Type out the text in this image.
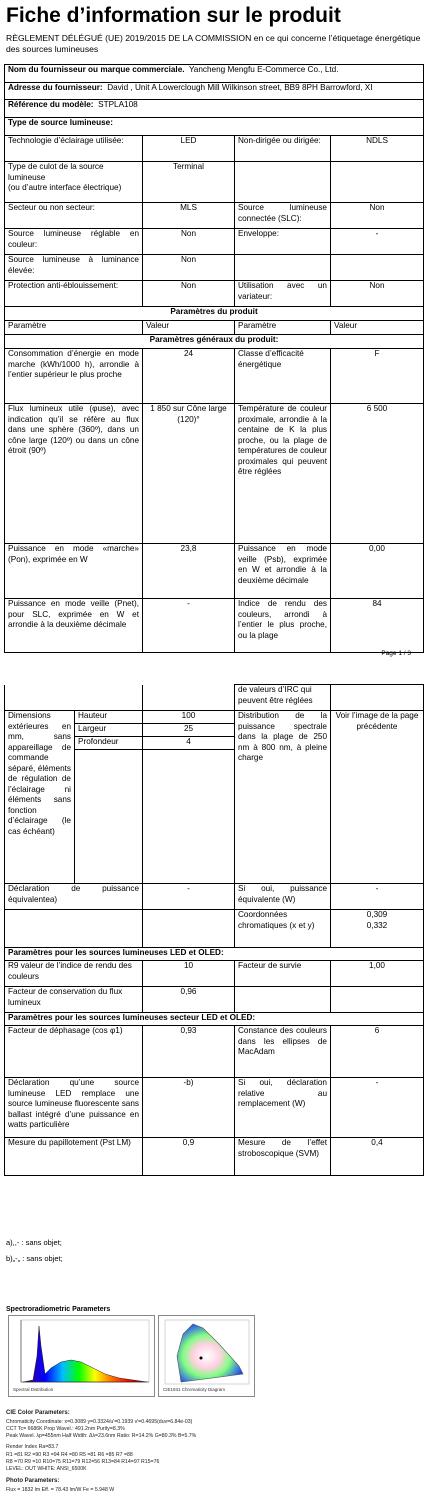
Fiche d’information sur le produit
RÈGLEMENT DÉLÉGUÉ (UE) 2019/2015 DE LA COMMISSION en ce qui concerne l’étiquetage énergétique des sources lumineuses
Nom du fournisseur ou marque commerciale. Yancheng Mengfu E-Commerce Co., Ltd.			
Adresse du fournisseur: David , Unit A Lowerclough Mill Wilkinson street, BB9 8PH Barrowford, XI			
Référence du modèle: STPLA108			
Type de source lumineuse:			
Technologie d’éclairage utilisée:	LED	Non-dirigée ou dirigée:	NDLS
Type de culot de la source lumineuse
(ou d’autre interface électrique)	Terminal		
Secteur ou non secteur:	MLS	Source lumineuse connectée (SLC):	Non
Source lumineuse réglable en couleur:	Non	Enveloppe:	-
Source lumineuse à luminance élevée:	Non		
Protection anti-éblouissement:	Non	Utilisation avec un variateur:	Non
Paramètres du produit			
Paramètre	Valeur	Paramètre	Valeur
Paramètres généraux du produit:			
Consommation d’énergie en mode marche (kWh/1000 h), arrondie à l’entier supérieur le plus proche	24	Classe d’efficacité énergétique	F
Flux lumineux utile (φuse), avec indication qu’il se réfère au flux dans une sphère (360º), dans un cône large (120º) ou dans un cône étroit (90º)	1 850 sur Cône large (120)°	Température de couleur proximale, arrondie à la centaine de K la plus proche, ou la plage de températures de couleur proximales qui peuvent être réglées	6 500
Puissance en mode «marche» (Pon), exprimée en W	23,8	Puissance en mode veille (Psb), exprimée en W et arrondie à la deuxième décimale	0,00
Puissance en mode veille (Pnet), pour SLC, exprimée en W et arrondie à la deuxième décimale	-	Indice de rendu des couleurs, arrondi à l’entier le plus proche, ou la plage	84
Page 1 / 3
			de valeurs d’IRC qui peuvent être réglées	
Dimensions extérieures en mm, sans appareillage de commande séparé, éléments de régulation de l’éclairage ni éléments sans fonction d’éclairage (le cas échéant)	Hauteur	100	Distribution de la puissance spectrale dans la plage de 250 nm à 800 nm, à pleine charge	Voir l’image de la page précédente
	Largeur	25		
	Profondeur	4		

Déclaration de puissance équivalentea)		-	Si oui, puissance équivalente (W)	-
			Coordonnées chromatiques (x et y)	0,309
0,332
Paramètres pour les sources lumineuses LED et OLED:				
R9 valeur de l’indice de rendu des couleurs		10	Facteur de survie	1,00
Facteur de conservation du flux lumineux		0,96		
Paramètres pour les sources lumineuses secteur LED et OLED:				
Facteur de déphasage (cos φ1)		0,93	Constance des couleurs dans les ellipses de MacAdam	6
Déclaration qu’une source lumineuse LED remplace une source lumineuse fluorescente sans ballast intégré d’une puissance en watts particulière		-b)	Si oui, déclaration relative au remplacement (W)	-
Mesure du papillotement (Pst LM)		0,9	Mesure de l’effet stroboscopique (SVM)	0,4
a),,- : sans objet;
b)„-„ : sans objet;
Spectroradiometric Parameters
Spectral Distribution	CIE1931 Chromaticity Diagram
CIE Color Parameters:
Chromaticity Coordinate: x=0.3089 y=0.3324/u'=0.1939 v'=0.4695(duv=6.84e-03)
CCT Tc= 6686K Prop Wavel.: 491.2nm Purity=8.3%
Peak Wavel. λp=455nm Half Width: Δλ=23.6nm Ratio: R=14.2% G=80.3% B=5.7%
Render Index Ra=83.7
R1 =81 R2 =90 R3 =94 R4 =80 R5 =81 R6 =85 R7 =88
R8 =70 R9 =10 R10=75 R11=79 R12=56 R13=84 R14=97 R15=76
LEVEL: OUT WHITE: ANSI_6500K
Photo Parameters:
Flux = 1832 lm Eff. = 78.43 lm/W Fe = 5.948 W
